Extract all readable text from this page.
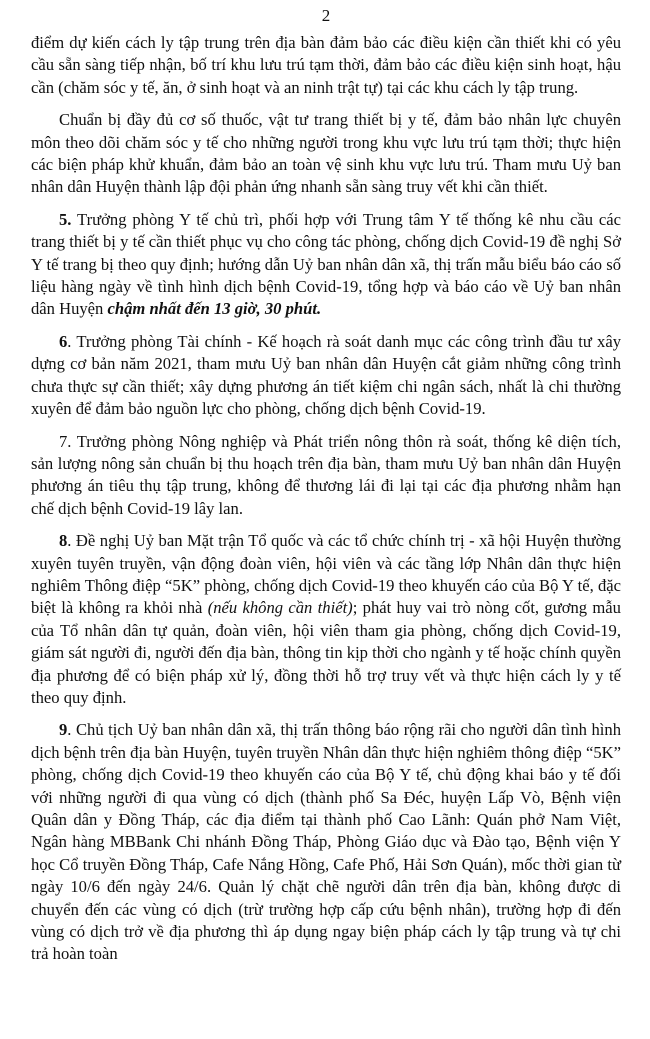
2

điểm dự kiến cách ly tập trung trên địa bàn đảm bảo các điều kiện cần thiết khi có yêu cầu sẵn sàng tiếp nhận, bố trí khu lưu trú tạm thời, đảm bảo các điều kiện sinh hoạt, hậu cần (chăm sóc y tế, ăn, ở sinh hoạt và an ninh trật tự) tại các khu cách ly tập trung.

Chuẩn bị đầy đủ cơ số thuốc, vật tư trang thiết bị y tế, đảm bảo nhân lực chuyên môn theo dõi chăm sóc y tế cho những người trong khu vực lưu trú tạm thời; thực hiện các biện pháp khử khuẩn, đảm bảo an toàn vệ sinh khu vực lưu trú. Tham mưu Uỷ ban nhân dân Huyện thành lập đội phản ứng nhanh sẵn sàng truy vết khi cần thiết.

5. Trưởng phòng Y tế chủ trì, phối hợp với Trung tâm Y tế thống kê nhu cầu các trang thiết bị y tế cần thiết phục vụ cho công tác phòng, chống dịch Covid-19 đề nghị Sở Y tế trang bị theo quy định; hướng dẫn Uỷ ban nhân dân xã, thị trấn mẫu biểu báo cáo số liệu hàng ngày về tình hình dịch bệnh Covid-19, tổng hợp và báo cáo về Uỷ ban nhân dân Huyện chậm nhất đến 13 giờ, 30 phút.

6. Trưởng phòng Tài chính - Kế hoạch rà soát danh mục các công trình đầu tư xây dựng cơ bản năm 2021, tham mưu Uỷ ban nhân dân Huyện cắt giảm những công trình chưa thực sự cần thiết; xây dựng phương án tiết kiệm chi ngân sách, nhất là chi thường xuyên để đảm bảo nguồn lực cho phòng, chống dịch bệnh Covid-19.

7. Trưởng phòng Nông nghiệp và Phát triển nông thôn rà soát, thống kê diện tích, sản lượng nông sản chuẩn bị thu hoạch trên địa bàn, tham mưu Uỷ ban nhân dân Huyện phương án tiêu thụ tập trung, không để thương lái đi lại tại các địa phương nhằm hạn chế dịch bệnh Covid-19 lây lan.

8. Đề nghị Uỷ ban Mặt trận Tổ quốc và các tổ chức chính trị - xã hội Huyện thường xuyên tuyên truyền, vận động đoàn viên, hội viên và các tầng lớp Nhân dân thực hiện nghiêm Thông điệp “5K” phòng, chống dịch Covid-19 theo khuyến cáo của Bộ Y tế, đặc biệt là không ra khỏi nhà (nếu không cần thiết); phát huy vai trò nòng cốt, gương mẫu của Tổ nhân dân tự quản, đoàn viên, hội viên tham gia phòng, chống dịch Covid-19, giám sát người đi, người đến địa bàn, thông tin kịp thời cho ngành y tế hoặc chính quyền địa phương để có biện pháp xử lý, đồng thời hỗ trợ truy vết và thực hiện cách ly y tế theo quy định.

9. Chủ tịch Uỷ ban nhân dân xã, thị trấn thông báo rộng rãi cho người dân tình hình dịch bệnh trên địa bàn Huyện, tuyên truyền Nhân dân thực hiện nghiêm thông điệp “5K” phòng, chống dịch Covid-19 theo khuyến cáo của Bộ Y tế, chủ động khai báo y tế đối với những người đi qua vùng có dịch (thành phố Sa Đéc, huyện Lấp Vò, Bệnh viện Quân dân y Đồng Tháp, các địa điểm tại thành phố Cao Lãnh: Quán phở Nam Việt, Ngân hàng MBBank Chi nhánh Đồng Tháp, Phòng Giáo dục và Đào tạo, Bệnh viện Y học Cổ truyền Đồng Tháp, Cafe Nắng Hồng, Cafe Phố, Hải Sơn Quán), mốc thời gian từ ngày 10/6 đến ngày 24/6. Quản lý chặt chẽ người dân trên địa bàn, không được di chuyển đến các vùng có dịch (trừ trường hợp cấp cứu bệnh nhân), trường hợp đi đến vùng có dịch trở về địa phương thì áp dụng ngay biện pháp cách ly tập trung và tự chi trả hoàn toàn
